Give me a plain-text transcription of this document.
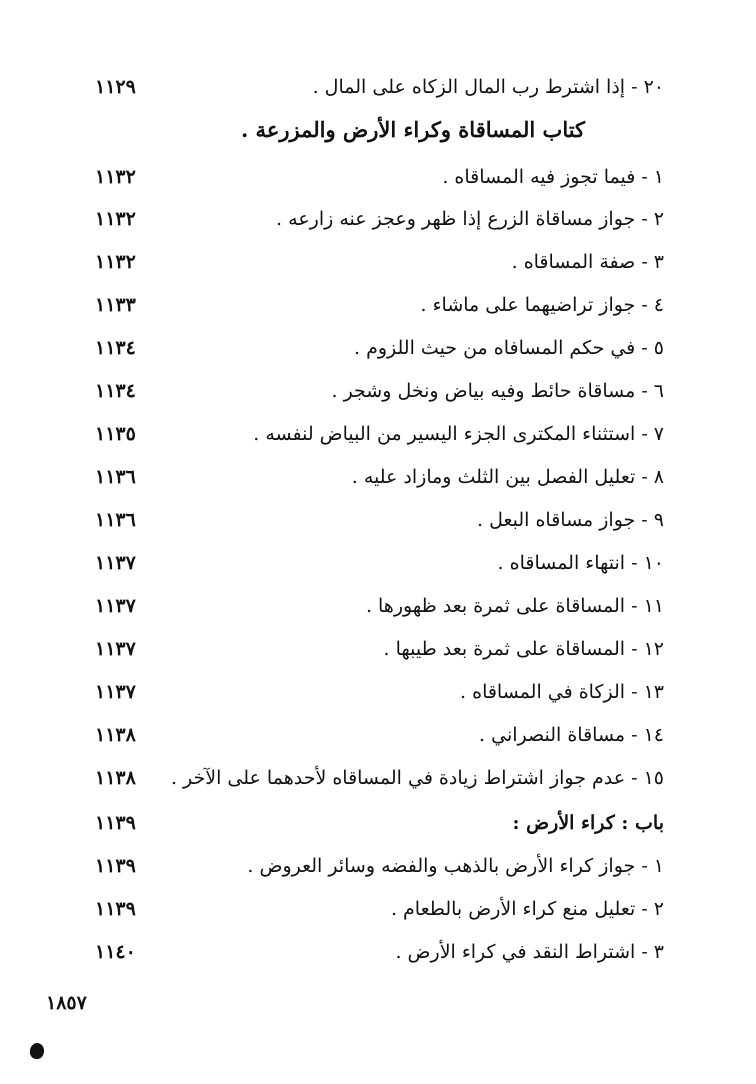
٢٠ - إذا اشترط رب المال الزكاه على المال .
١١٢٩
كتاب المساقاة وكراء الأرض والمزرعة .
١ - فيما تجوز فيه المساقاه .
١١٣٢
٢ - جواز مساقاة الزرع إذا ظهر وعجز عنه زارعه .
١١٣٢
٣ - صفة المساقاه .
١١٣٢
٤ - جواز تراضيهما على ماشاء .
١١٣٣
٥ - في حكم المسافاه من حيث اللزوم .
١١٣٤
٦ - مساقاة حائط وفيه بياض ونخل وشجر .
١١٣٤
٧ - استثناء المكترى الجزء اليسير من البياض لنفسه .
١١٣٥
٨ - تعليل الفصل بين الثلث ومازاد عليه .
١١٣٦
٩ - جواز مساقاه البعل .
١١٣٦
١٠ - انتهاء المساقاه .
١١٣٧
١١ - المساقاة على ثمرة بعد ظهورها .
١١٣٧
١٢ - المساقاة على ثمرة بعد طيبها .
١١٣٧
١٣ - الزكاة في المساقاه .
١١٣٧
١٤ - مساقاة النصراني .
١١٣٨
١٥ - عدم جواز اشتراط زيادة في المساقاه لأحدهما على الآخر .
١١٣٨
باب : كراء الأرض :
١١٣٩
١ - جواز كراء الأرض بالذهب والفضه وسائر العروض .
١١٣٩
٢ - تعليل منع كراء الأرض بالطعام .
١١٣٩
٣ - اشتراط النقد في كراء الأرض .
١١٤٠
١٨٥٧
